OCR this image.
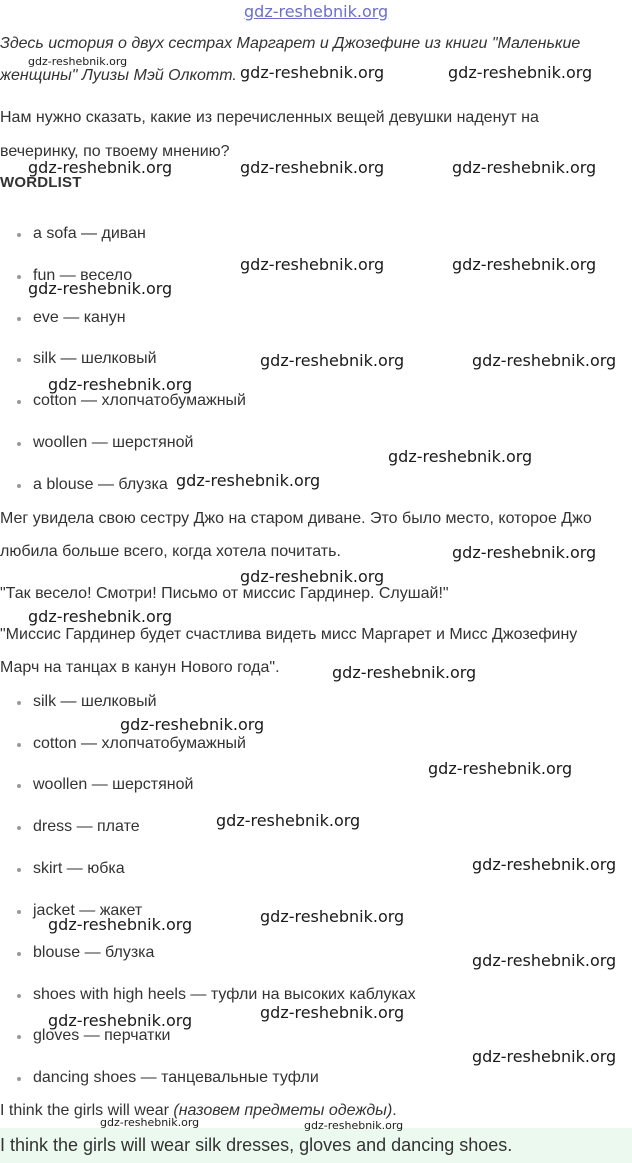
Здесь история о двух сестрах Маргарет и Джозефине из книги "Маленькие
женщины" Луизы Мэй Олкотт.
Нам нужно сказать, какие из перечисленных вещей девушки наденут на
вечеринку, по твоему мнению?
WORDLIST
a sofa — диван
fun — весело
eve — канун
silk — шелковый
cotton — хлопчатобумажный
woollen — шерстяной
a blouse — блузка
Мег увидела свою сестру Джо на старом диване. Это было место, которое Джо
любила больше всего, когда хотела почитать.
"Так весело! Смотри! Письмо от миссис Гардинер. Слушай!"
"Миссис Гардинер будет счастлива видеть мисс Маргарет и Мисс Джозефину
Марч на танцах в канун Нового года".
silk — шелковый
cotton — хлопчатобумажный
woollen — шерстяной
dress — плате
skirt — юбка
jacket — жакет
blouse — блузка
shoes with high heels — туфли на высоких каблуках
gloves — перчатки
dancing shoes — танцевальные туфли
I think the girls will wear (назовем предметы одежды).
I think the girls will wear silk dresses, gloves and dancing shoes.
gdz-reshebnik.org
gdz-reshebnik.org
gdz-reshebnik.org	gdz-reshebnik.org
gdz-reshebnik.org	gdz-reshebnik.org	gdz-reshebnik.org
gdz-reshebnik.org	gdz-reshebnik.org
gdz-reshebnik.org
gdz-reshebnik.org	gdz-reshebnik.org
gdz-reshebnik.org
gdz-reshebnik.org
gdz-reshebnik.org
gdz-reshebnik.org
gdz-reshebnik.org
gdz-reshebnik.org
gdz-reshebnik.org
gdz-reshebnik.org
gdz-reshebnik.org
gdz-reshebnik.org
gdz-reshebnik.org
gdz-reshebnik.org
gdz-reshebnik.org
gdz-reshebnik.org
gdz-reshebnik.org
gdz-reshebnik.org
gdz-reshebnik.org
gdz-reshebnik.org	gdz-reshebnik.org
